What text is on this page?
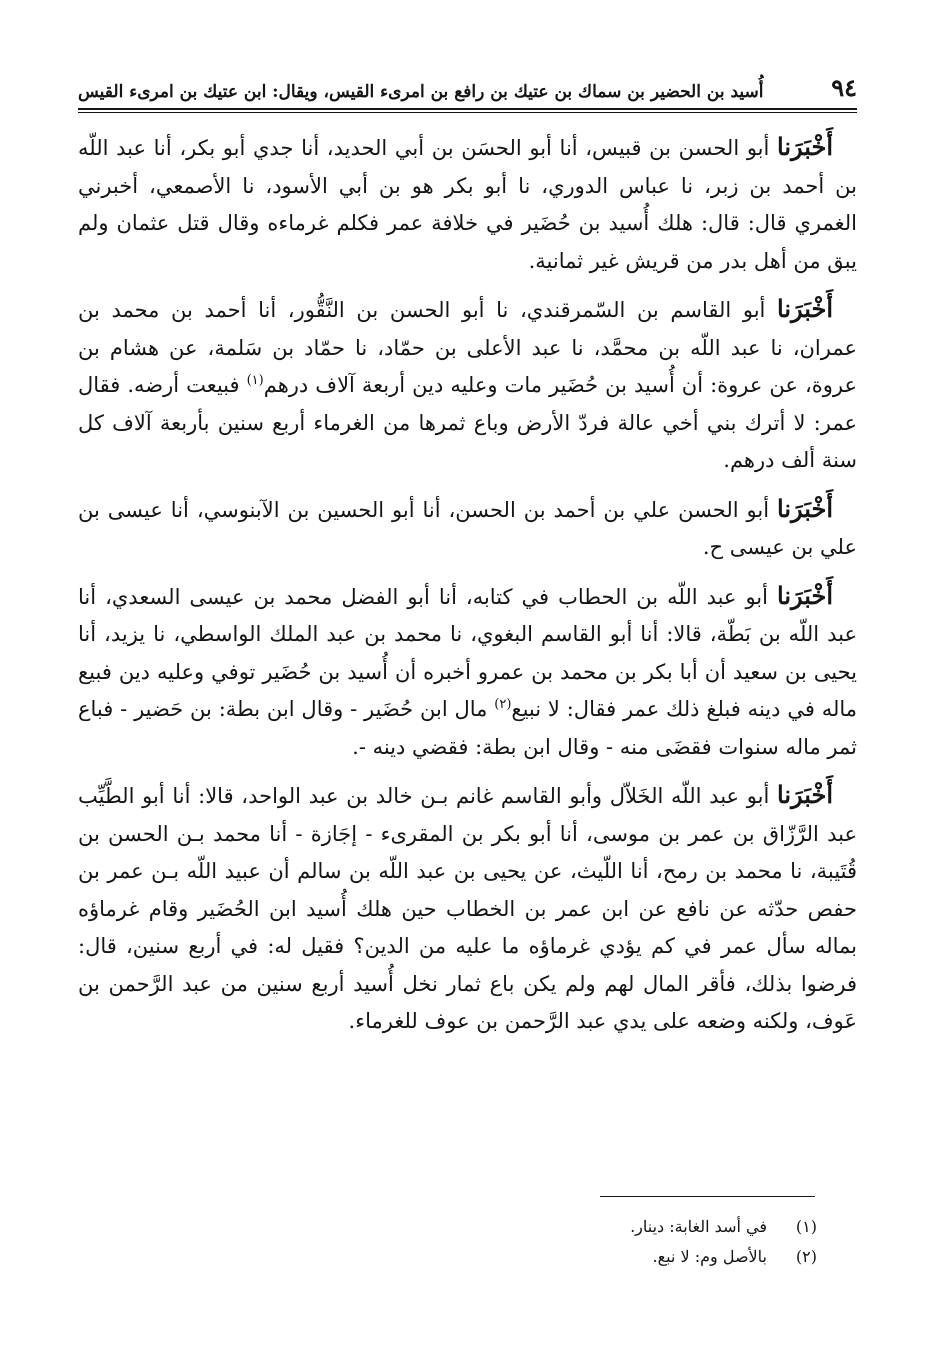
٩٤
أُسيد بن الحضير بن سماك بن عتيك بن رافع بن امرىء القيس، ويقال: ابن عتيك بن امرىء القيس

أَخْبَرَنا أبو الحسن بن قبيس، أنا أبو الحسَن بن أبي الحديد، أنا جدي أبو بكر، أنا عبد اللّه بن أحمد بن زبر، نا عباس الدوري، نا أبو بكر هو بن أبي الأسود، نا الأصمعي، أخبرني الغمري قال: قال: هلك أُسيد بن حُضَير في خلافة عمر فكلم غرماءه وقال قتل عثمان ولم يبق من أهل بدر من قريش غير ثمانية.

أَخْبَرَنا أبو القاسم بن السّمرقندي، نا أبو الحسن بن النَّقُّور، أنا أحمد بن محمد بن عمران، نا عبد اللّه بن محمَّد، نا عبد الأعلى بن حمّاد، نا حمّاد بن سَلمة، عن هشام بن عروة، عن عروة: أن أُسيد بن حُضَير مات وعليه دين أربعة آلاف درهم$^{(١)}$ فبيعت أرضه. فقال عمر: لا أترك بني أخي عالة فردّ الأرض وباع ثمرها من الغرماء أربع سنين بأربعة آلاف كل سنة ألف درهم.

أَخْبَرَنا أبو الحسن علي بن أحمد بن الحسن، أنا أبو الحسين بن الآبنوسي، أنا عيسى بن علي بن عيسى ح.

أَخْبَرَنا أبو عبد اللّه بن الحطاب في كتابه، أنا أبو الفضل محمد بن عيسى السعدي، أنا عبد اللّه بن بَطّة، قالا: أنا أبو القاسم البغوي، نا محمد بن عبد الملك الواسطي، نا يزيد، أنا يحيى بن سعيد أن أبا بكر بن محمد بن عمرو أخبره أن أُسيد بن حُضَير توفي وعليه دين فبيع ماله في دينه فبلغ ذلك عمر فقال: لا نبيع$^{(٢)}$ مال ابن حُضَير - وقال ابن بطة: بن حَضير - فباع ثمر ماله سنوات فقضَى منه - وقال ابن بطة: فقضي دينه -.

أَخْبَرَنا أبو عبد اللّه الخَلاّل وأبو القاسم غانم بـن خالد بن عبد الواحد، قالا: أنا أبو الطَّيِّب عبد الرَّزّاق بن عمر بن موسى، أنا أبو بكر بن المقرىء - إجَازة - أنا محمد بـن الحسن بن قُتَيبة، نا محمد بن رمح، أنا اللّيث، عن يحيى بن عبد اللّه بن سالم أن عبيد اللّه بـن عمر بن حفص حدّثه عن نافع عن ابن عمر بن الخطاب حين هلك أُسيد ابن الحُضَير وقام غرماؤه بماله سأل عمر في كم يؤدي غرماؤه ما عليه من الدين؟ فقيل له: في أربع سنين، قال: فرضوا بذلك، فأقر المال لهم ولم يكن باع ثمار نخل أُسيد أربع سنين من عبد الرَّحمن بن عَوف، ولكنه وضعه على يدي عبد الرَّحمن بن عوف للغرماء.

(١)
في أسد الغابة: دينار.
(٢)
بالأصل وم: لا نبع.
